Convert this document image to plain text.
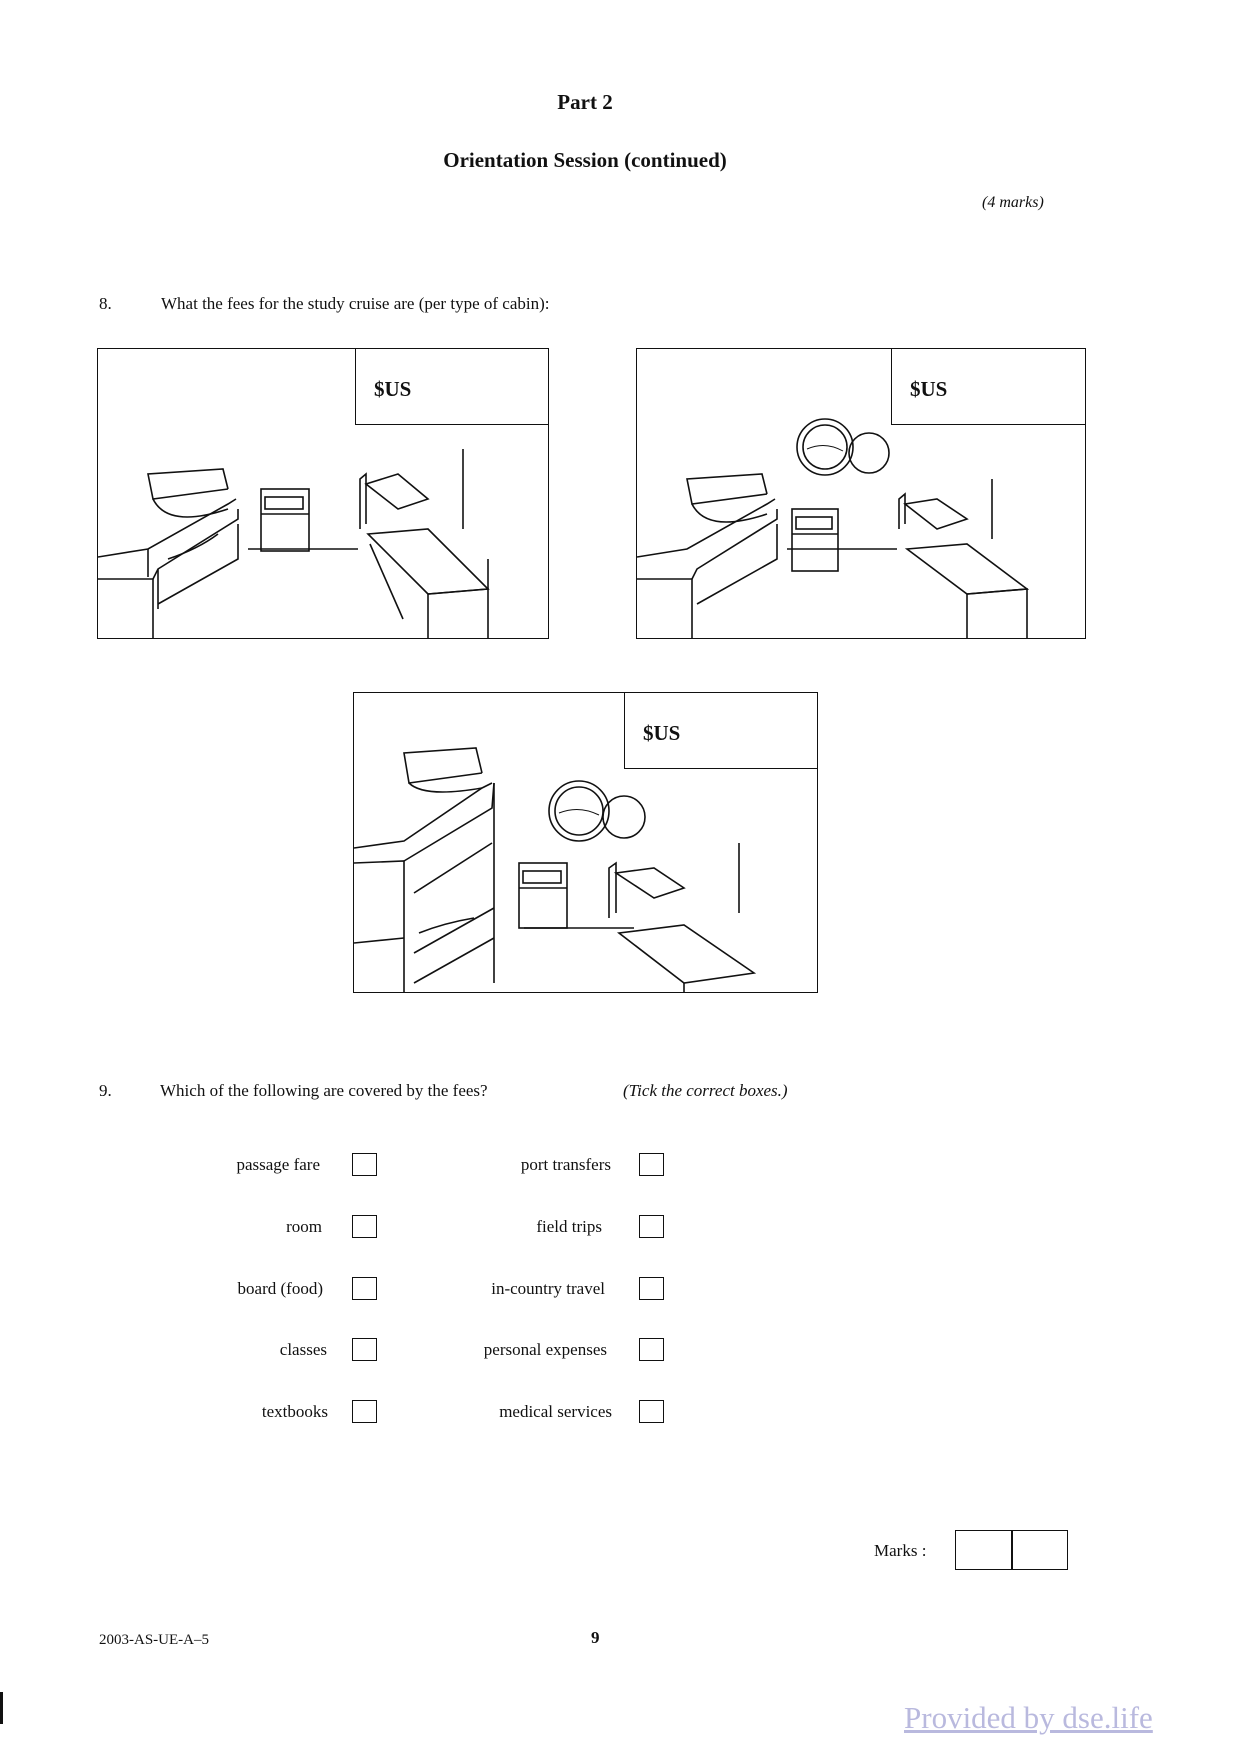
Part 2
Orientation Session (continued)
(4 marks)
8.	What the fees for the study cruise are (per type of cabin):
$US	$US
$US
9.	Which of the following are covered by the fees?	(Tick the correct boxes.)
passage fare
room
board (food)
classes
textbooks
port transfers
field trips
in-country travel
personal expenses
medical services
Marks :
2003-AS-UE-A–5	9
Provided by dse.life
